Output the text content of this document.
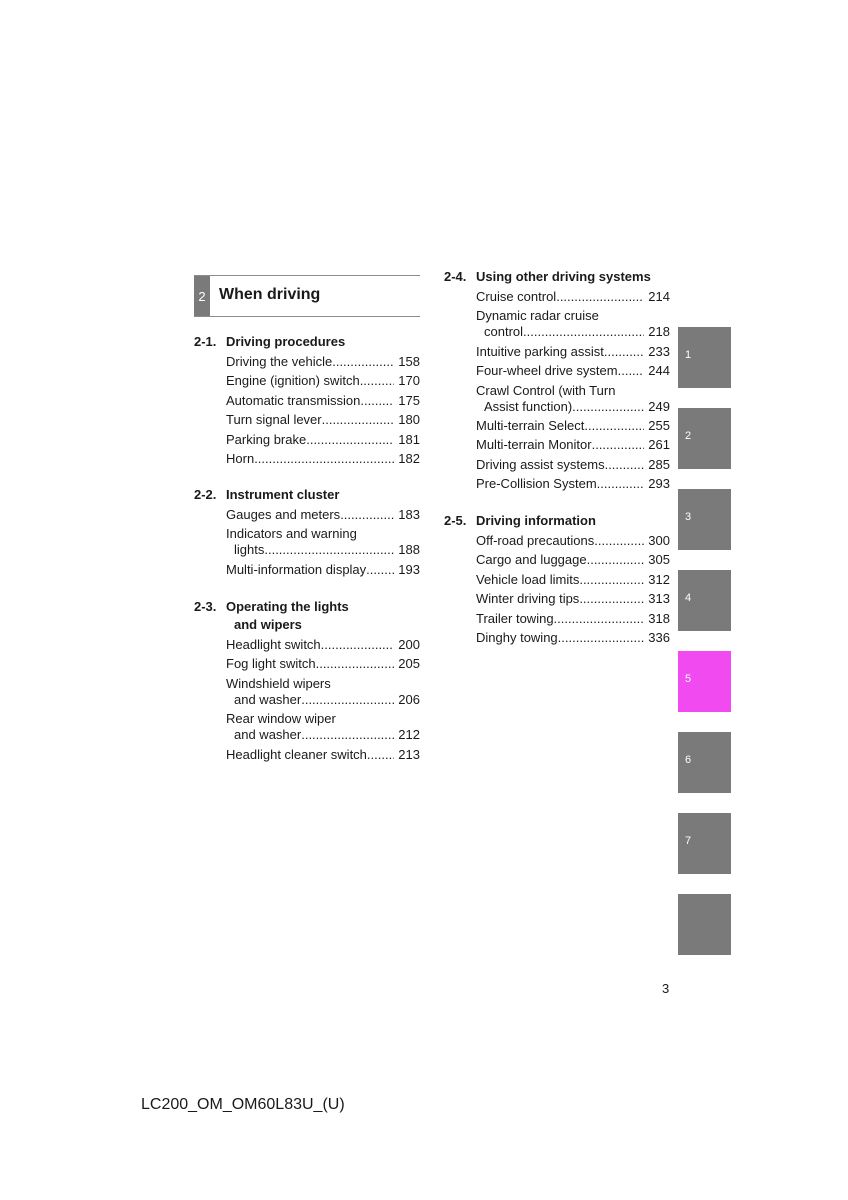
2 When driving
2-1. Driving procedures
Driving the vehicle .....	158
Engine (ignition) switch .....	170
Automatic transmission .....	175
Turn signal lever .....	180
Parking brake .....	181
Horn .....	182
2-2. Instrument cluster
Gauges and meters .....	183
Indicators and warning
lights .....	188
Multi-information display .....	193
2-3. Operating the lights
and wipers
Headlight switch .....	200
Fog light switch .....	205
Windshield wipers
and washer .....	206
Rear window wiper
and washer .....	212
Headlight cleaner switch .....	213
2-4. Using other driving systems
Cruise control .....	214
Dynamic radar cruise
control .....	218
Intuitive parking assist .....	233
Four-wheel drive system .....	244
Crawl Control (with Turn
Assist function) .....	249
Multi-terrain Select .....	255
Multi-terrain Monitor .....	261
Driving assist systems .....	285
Pre-Collision System .....	293
2-5. Driving information
Off-road precautions .....	300
Cargo and luggage .....	305
Vehicle load limits .....	312
Winter driving tips .....	313
Trailer towing .....	318
Dinghy towing .....	336
1
2
3
4
5
6
7
3
LC200_OM_OM60L83U_(U)
